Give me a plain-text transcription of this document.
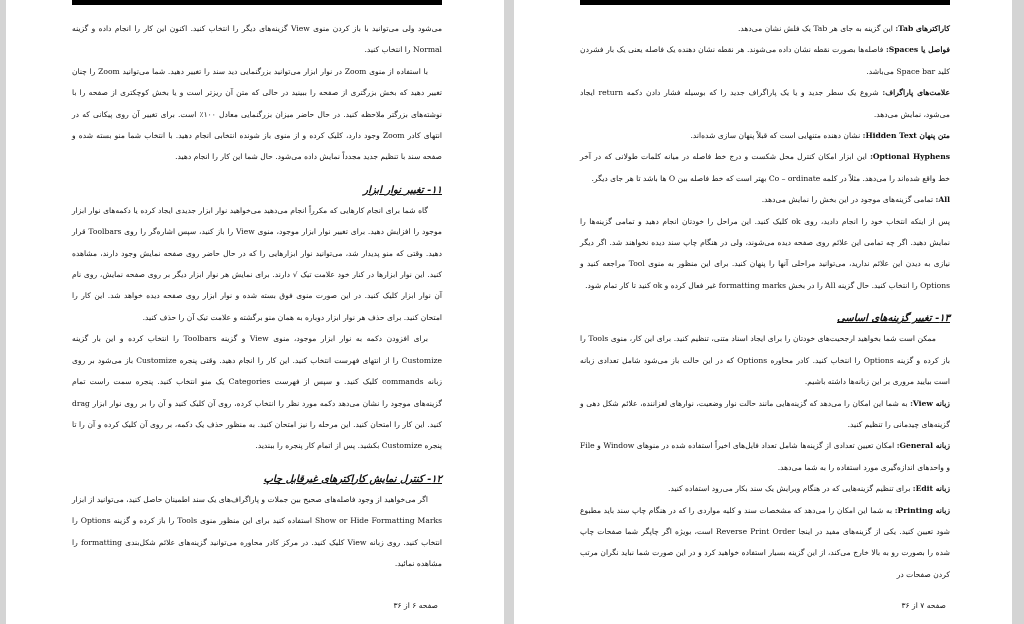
می‌شود ولی می‌توانید با باز کردن منوی View گزینه‌های دیگر را انتخاب کنید. اکنون این کار را انجام داده و گزینه Normal را انتخاب کنید.

با استفاده از منوی Zoom در نوار ابزار می‌توانید بزرگنمایی دید سند را تغییر دهید. شما می‌توانید Zoom را چنان تغییر دهید که بخش بزرگتری از صفحه را ببینید در حالی که متن آن ریزتر است و یا بخش کوچکتری از صفحه را با نوشته‌های بزرگتر ملاحظه کنید. در حال حاضر میزان بزرگنمایی معادل ۱۰۰٪ است. برای تغییر آن روی پیکانی که در انتهای کادر Zoom وجود دارد، کلیک کرده و از منوی باز شونده انتخابی انجام دهید. با انتخاب شما منو بسته شده و صفحه سند با تنظیم جدید مجدداً نمایش داده می‌شود. حال شما این کار را انجام دهید.

۱۱- تغییر نوار ابزار

گاه شما برای انجام کارهایی که مکرراً انجام می‌دهید می‌خواهید نوار ابزار جدیدی ایجاد کرده یا دکمه‌های نوار ابزار موجود را افزایش دهید. برای تغییر نوار ابزار موجود، منوی View را باز کنید، سپس اشاره‌گر را روی Toolbars قرار دهید. وقتی که منو پدیدار شد، می‌توانید نوار ابزارهایی را که در حال حاضر روی صفحه نمایش وجود دارند، مشاهده کنید. این نوار ابزارها در کنار خود علامت تیک √ دارند. برای نمایش هر نوار ابزار دیگر بر روی صفحه نمایش، روی نام آن نوار ابزار کلیک کنید. در این صورت منوی فوق بسته شده و نوار ابزار روی صفحه دیده خواهد شد. این کار را امتحان کنید. برای حذف هر نوار ابزار دوباره به همان منو برگشته و علامت تیک آن را حذف کنید.

برای افزودن دکمه به نوار ابزار موجود، منوی View و گزینه Toolbars را انتخاب کرده و این بار گزینه Customize را از انتهای فهرست انتخاب کنید. این کار را انجام دهید. وقتی پنجره Customize باز می‌شود بر روی زبانه commands کلیک کنید. و سپس از فهرست Categories یک منو انتخاب کنید. پنجره سمت راست تمام گزینه‌های موجود را نشان می‌دهد دکمه مورد نظر را انتخاب کرده، روی آن کلیک کنید و آن را بر روی نوار ابزار drag کنید. این کار را امتحان کنید. این مرحله را نیز امتحان کنید. به منظور حذف یک دکمه، بر روی آن کلیک کرده و آن را تا پنجره Customize بکشید. پس از اتمام کار پنجره را ببندید.

۱۲- کنترل نمایش کاراکترهای غیرقابل چاپ

اگر می‌خواهید از وجود فاصله‌های صحیح بین جملات و پاراگراف‌های یک سند اطمینان حاصل کنید، می‌توانید از ابزار Show or Hide Formatting Marks استفاده کنید برای این منظور منوی Tools را باز کرده و گزینه Options را انتخاب کنید. روی زبانه View کلیک کنید. در مرکز کادر محاوره می‌توانید گزینه‌های علائم شکل‌بندی formatting را مشاهده نمائید.

صفحه ۶ از ۳۶

کاراکترهای Tab: این گزینه به جای هر Tab یک فلش نشان می‌دهد.

فواصل یا Spaces: فاصله‌ها بصورت نقطه نشان داده می‌شوند. هر نقطه نشان دهنده یک فاصله یعنی یک بار فشردن کلید Space bar می‌باشد.

علامت‌های پاراگراف: شروع یک سطر جدید و یا یک پاراگراف جدید را که بوسیله فشار دادن دکمه return ایجاد می‌شود، نمایش می‌دهد.

متن پنهان Hidden Text: نشان دهنده متنهایی است که قبلاً پنهان سازی شده‌اند.

Optional Hyphens: این ابزار امکان کنترل محل شکست و درج خط فاصله در میانه کلمات طولانی که در آخر خط واقع شده‌اند را می‌دهد. مثلاً در کلمه Co – ordinate بهتر است که خط فاصله بین O ها باشد تا هر جای دیگر.

All: تمامی گزینه‌های موجود در این بخش را نمایش می‌دهد.

پس از اینکه انتخاب خود را انجام دادید، روی ok کلیک کنید. این مراحل را خودتان انجام دهید و تمامی گزینه‌ها را نمایش دهید. اگر چه تمامی این علائم روی صفحه دیده می‌شوند، ولی در هنگام چاپ سند دیده نخواهند شد. اگر دیگر نیازی به دیدن این علائم ندارید، می‌توانید مراحلی آنها را پنهان کنید. برای این منظور به منوی Tool مراجعه کنید و Options را انتخاب کنید. حال گزینه All را در بخش formatting marks غیر فعال کرده و ok کنید تا کار تمام شود.

۱۳- تغییر گزینه‌های اساسی

ممکن است شما بخواهید ارجحیت‌های خودتان را برای ایجاد اسناد متنی، تنظیم کنید. برای این کار، منوی Tools را باز کرده و گزینه Options را انتخاب کنید. کادر محاوره Options که در این حالت باز می‌شود شامل تعدادی زبانه است بیایید مروری بر این زبانه‌ها داشته باشیم.

زبانه View: به شما این امکان را می‌دهد که گزینه‌هایی مانند حالت نوار وضعیت، نوارهای لغزاننده، علائم شکل دهی و گزینه‌های چیدمانی را تنظیم کنید.

زبانه General: امکان تعیین تعدادی از گزینه‌ها شامل تعداد فایل‌های اخیراً استفاده شده در منوهای Window و File و واحدهای اندازه‌گیری مورد استفاده را به شما می‌دهد.

زبانه Edit: برای تنظیم گزینه‌هایی که در هنگام ویرایش یک سند بکار می‌رود استفاده کنید.

زبانه Printing: به شما این امکان را می‌دهد که مشخصات سند و کلیه مواردی را که در هنگام چاپ سند باید مطبوع شود تعیین کنید. یکی از گزینه‌های مفید در اینجا Reverse Print Order است، بویژه اگر چاپگر شما صفحات چاپ شده را بصورت رو به بالا خارج می‌کند، از این گزینه بسیار استفاده خواهید کرد و در این صورت شما نباید نگران مرتب کردن صفحات در

صفحه ۷ از ۳۶
